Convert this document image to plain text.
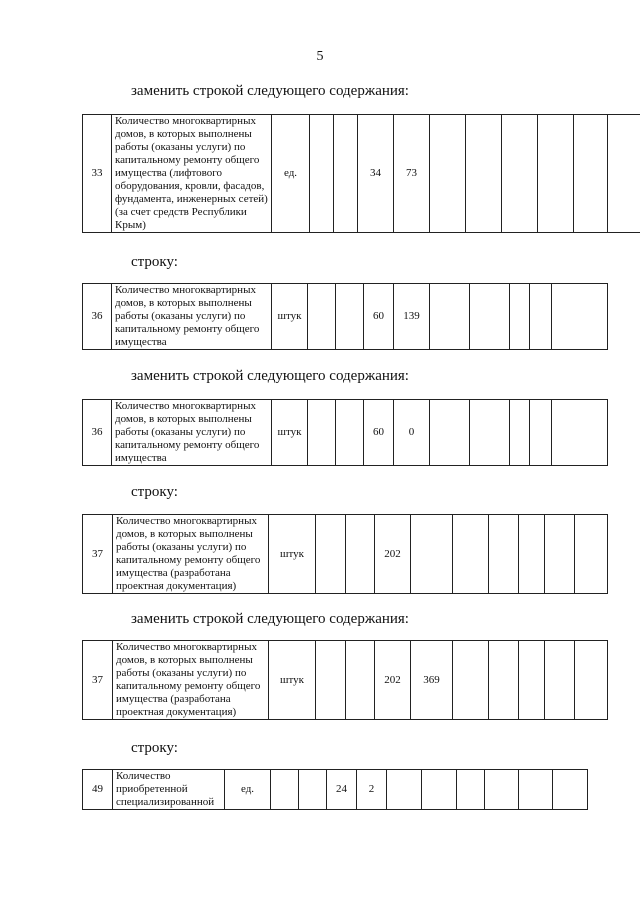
5
заменить строкой следующего содержания:
33	Количество многоквартирных домов, в которых выполнены работы (оказаны услуги) по капитальному ремонту общего имущества (лифтового оборудования, кровли, фасадов, фундамента, инженерных сетей) (за счет средств Республики Крым)	ед.			34	73						
строку:
36	Количество многоквартирных домов, в которых выполнены работы (оказаны услуги) по капитальному ремонту общего имущества	штук			60	139					
заменить строкой следующего содержания:
36	Количество многоквартирных домов, в которых выполнены работы (оказаны услуги) по капитальному ремонту общего имущества	штук			60	0					
строку:
37	Количество многоквартирных домов, в которых выполнены работы (оказаны услуги) по капитальному ремонту общего имущества (разработана проектная документация)	штук			202						
заменить строкой следующего содержания:
37	Количество многоквартирных домов, в которых выполнены работы (оказаны услуги) по капитальному ремонту общего имущества (разработана проектная документация)	штук			202	369					
строку:
49	Количество приобретенной специализированной	ед.			24	2						
